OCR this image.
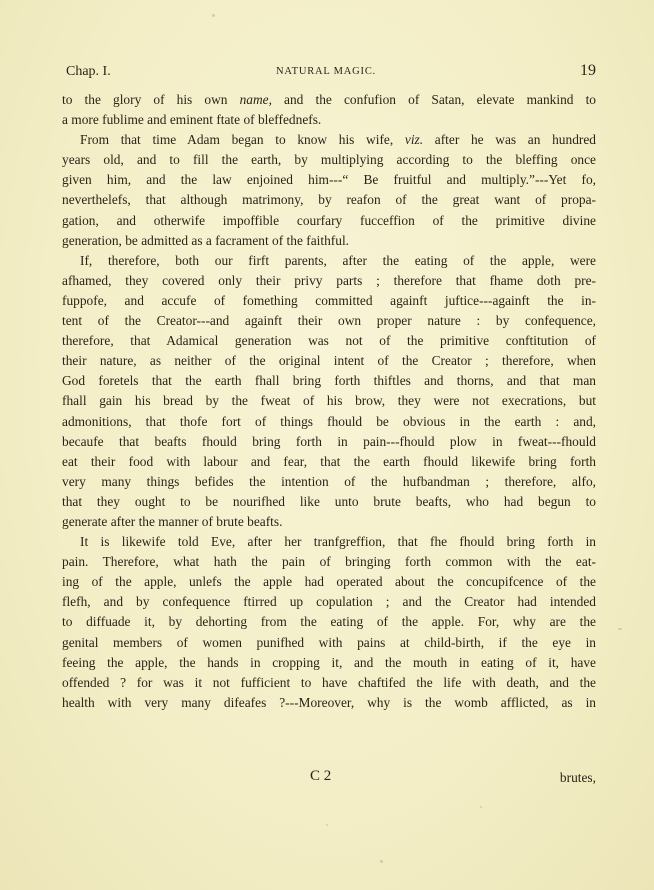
Chap. I.	NATURAL MAGIC.	19
to the glory of his own name, and the confufion of Satan, elevate mankind to
a more fublime and eminent ftate of bleffednefs.
From that time Adam began to know his wife, viz. after he was an hundred
years old, and to fill the earth, by multiplying according to the bleffing once
given him, and the law enjoined him---“ Be fruitful and multiply.”---Yet fo,
neverthelefs, that although matrimony, by reafon of the great want of propa-
gation, and otherwife impoffible courfary fucceffion of the primitive divine
generation, be admitted as a facrament of the faithful.
If, therefore, both our firft parents, after the eating of the apple, were
afhamed, they covered only their privy parts ; therefore that fhame doth pre-
fuppofe, and accufe of fomething committed againft juftice---againft the in-
tent of the Creator---and againft their own proper nature : by confequence,
therefore, that Adamical generation was not of the primitive conftitution of
their nature, as neither of the original intent of the Creator ; therefore, when
God foretels that the earth fhall bring forth thiftles and thorns, and that man
fhall gain his bread by the fweat of his brow, they were not execrations, but
admonitions, that thofe fort of things fhould be obvious in the earth : and,
becaufe that beafts fhould bring forth in pain---fhould plow in fweat---fhould
eat their food with labour and fear, that the earth fhould likewife bring forth
very many things befides the intention of the hufbandman ; therefore, alfo,
that they ought to be nourifhed like unto brute beafts, who had begun to
generate after the manner of brute beafts.
It is likewife told Eve, after her tranfgreffion, that fhe fhould bring forth in
pain. Therefore, what hath the pain of bringing forth common with the eat-
ing of the apple, unlefs the apple had operated about the concupifcence of the
flefh, and by confequence ftirred up copulation ; and the Creator had intended
to diffuade it, by dehorting from the eating of the apple. For, why are the
genital members of women punifhed with pains at child-birth, if the eye in
feeing the apple, the hands in cropping it, and the mouth in eating of it, have
offended ? for was it not fufficient to have chaftifed the life with death, and the
health with very many difeafes ?---Moreover, why is the womb afflicted, as in
C 2	brutes,
